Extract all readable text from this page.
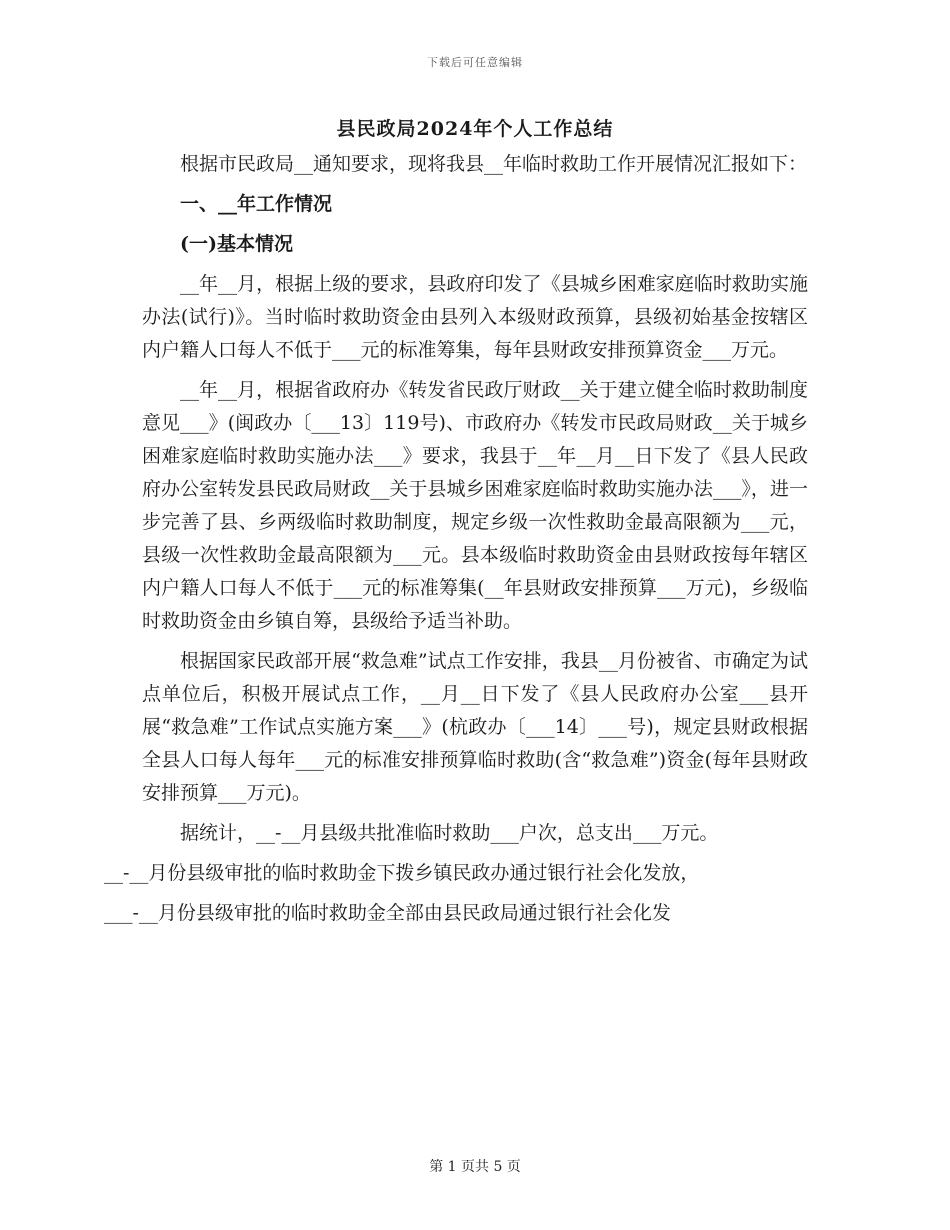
下载后可任意编辑
县民政局2024年个人工作总结

根据市民政局__通知要求，现将我县__年临时救助工作开展情况汇报如下：

一、__年工作情况

(一)基本情况

__年__月，根据上级的要求，县政府印发了《县城乡困难家庭临时救助实施办法(试行)》。当时临时救助资金由县列入本级财政预算，县级初始基金按辖区内户籍人口每人不低于___元的标准筹集，每年县财政安排预算资金___万元。

__年__月，根据省政府办《转发省民政厅财政__关于建立健全临时救助制度意见___》(闽政办〔___13〕119号)、市政府办《转发市民政局财政__关于城乡困难家庭临时救助实施办法___》要求，我县于__年__月__日下发了《县人民政府办公室转发县民政局财政__关于县城乡困难家庭临时救助实施办法___》，进一步完善了县、乡两级临时救助制度，规定乡级一次性救助金最高限额为___元，县级一次性救助金最高限额为___元。县本级临时救助资金由县财政按每年辖区内户籍人口每人不低于___元的标准筹集(__年县财政安排预算___万元)，乡级临时救助资金由乡镇自筹，县级给予适当补助。

根据国家民政部开展“救急难”试点工作安排，我县__月份被省、市确定为试点单位后，积极开展试点工作，__月__日下发了《县人民政府办公室___县开展“救急难”工作试点实施方案___》(杭政办〔___14〕___号)，规定县财政根据全县人口每人每年___元的标准安排预算临时救助(含“救急难”)资金(每年县财政安排预算___万元)。

据统计，__-__月县级共批准临时救助___户次，总支出___万元。

__-__月份县级审批的临时救助金下拨乡镇民政办通过银行社会化发放，

___-__月份县级审批的临时救助金全部由县民政局通过银行社会化发

第 1 页共 5 页
